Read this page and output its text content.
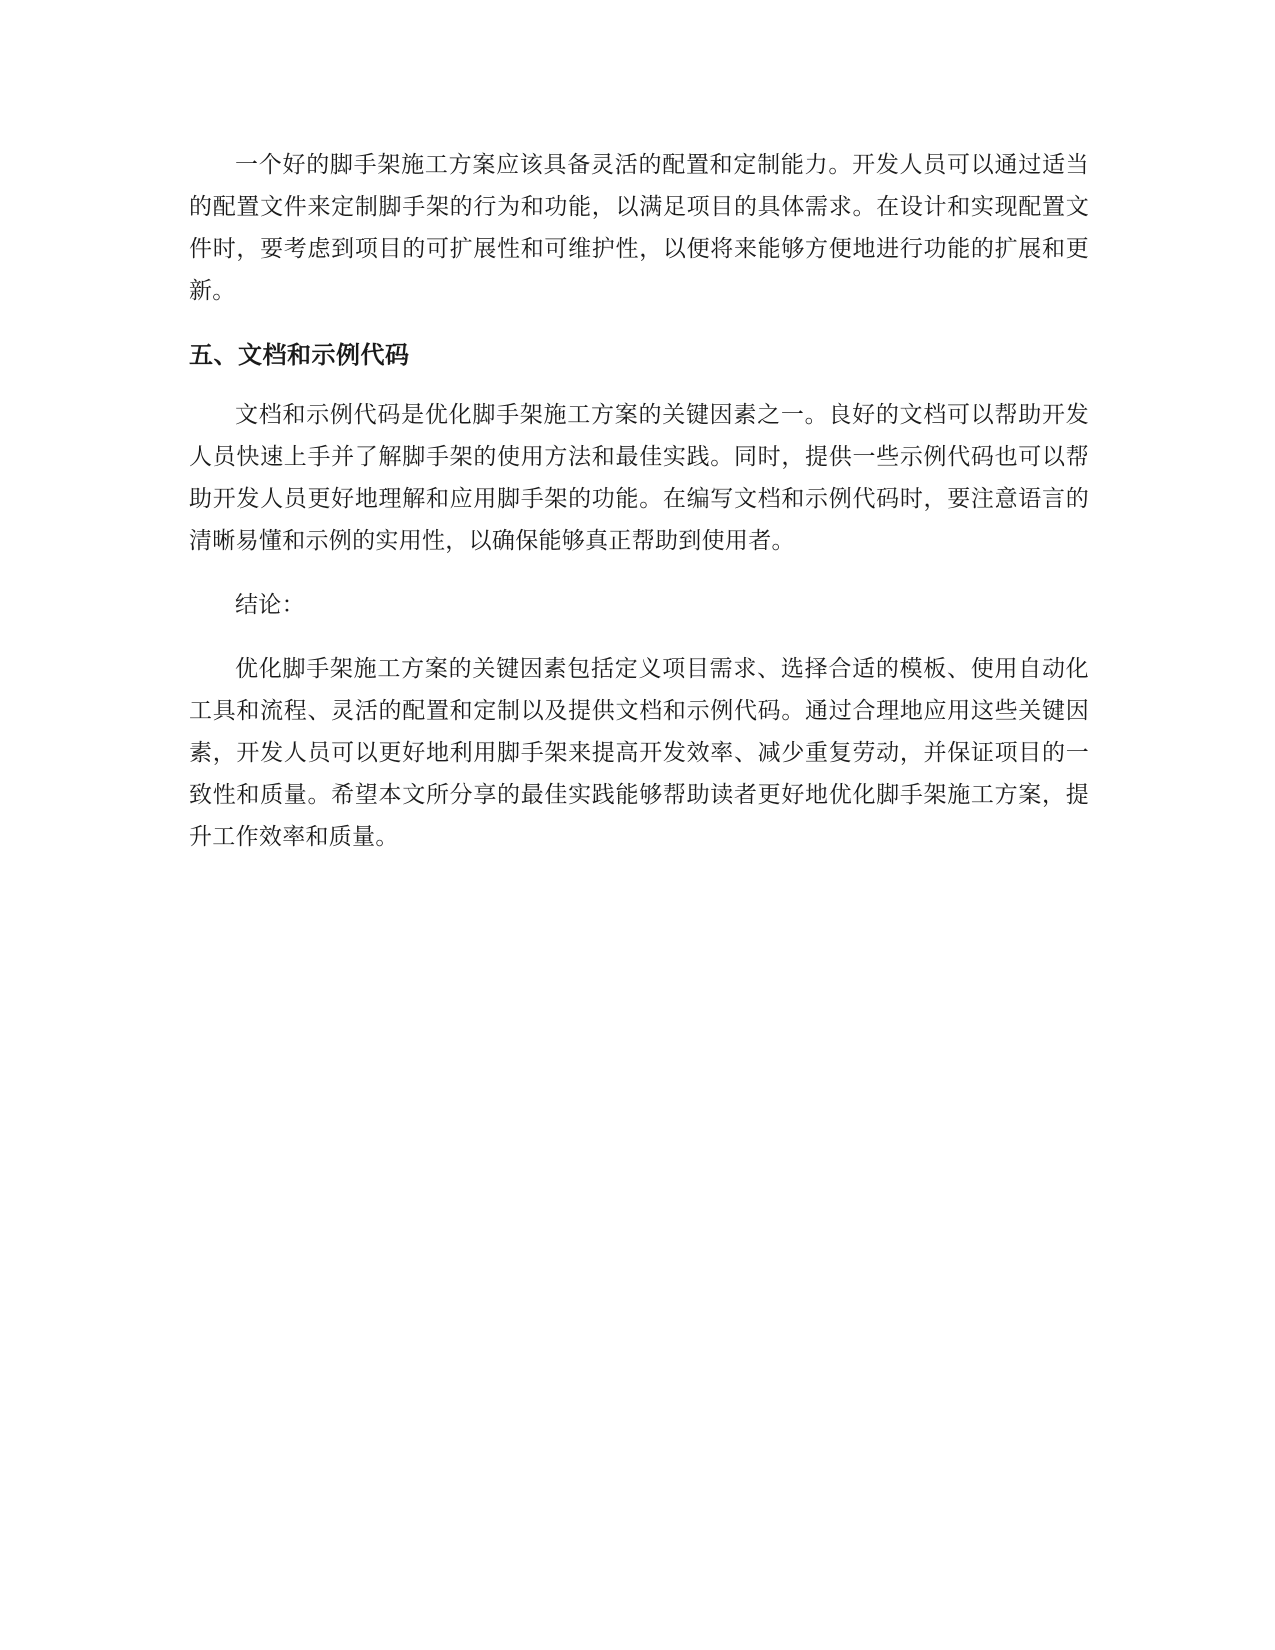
一个好的脚手架施工方案应该具备灵活的配置和定制能力。开发人员可以通过适当的配置文件来定制脚手架的行为和功能，以满足项目的具体需求。在设计和实现配置文件时，要考虑到项目的可扩展性和可维护性，以便将来能够方便地进行功能的扩展和更新。

五、文档和示例代码

文档和示例代码是优化脚手架施工方案的关键因素之一。良好的文档可以帮助开发人员快速上手并了解脚手架的使用方法和最佳实践。同时，提供一些示例代码也可以帮助开发人员更好地理解和应用脚手架的功能。在编写文档和示例代码时，要注意语言的清晰易懂和示例的实用性，以确保能够真正帮助到使用者。

结论：

优化脚手架施工方案的关键因素包括定义项目需求、选择合适的模板、使用自动化工具和流程、灵活的配置和定制以及提供文档和示例代码。通过合理地应用这些关键因素，开发人员可以更好地利用脚手架来提高开发效率、减少重复劳动，并保证项目的一致性和质量。希望本文所分享的最佳实践能够帮助读者更好地优化脚手架施工方案，提升工作效率和质量。
